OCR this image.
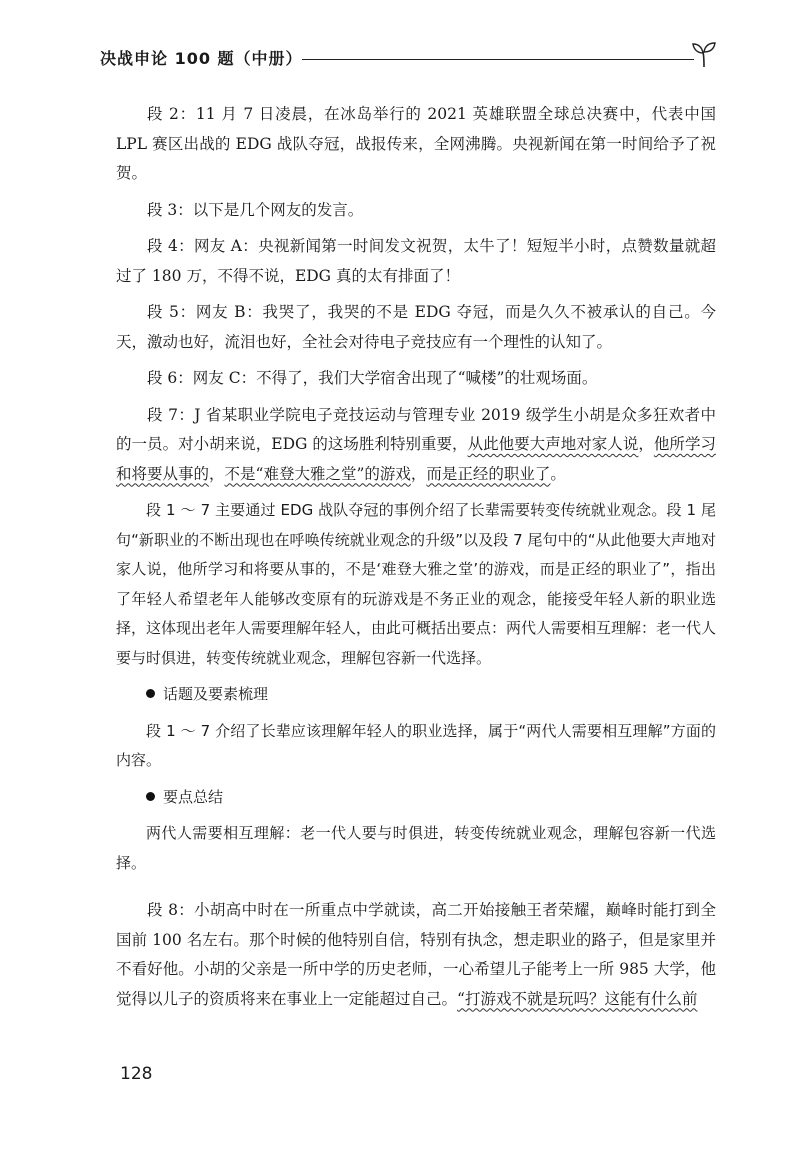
决战申论 100 题（中册）

段 2：11 月 7 日凌晨，在冰岛举行的 2021 英雄联盟全球总决赛中，代表中国 LPL 赛区出战的 EDG 战队夺冠，战报传来，全网沸腾。央视新闻在第一时间给予了祝贺。

段 3：以下是几个网友的发言。

段 4：网友 A：央视新闻第一时间发文祝贺，太牛了！短短半小时，点赞数量就超过了 180 万，不得不说，EDG 真的太有排面了！

段 5：网友 B：我哭了，我哭的不是 EDG 夺冠，而是久久不被承认的自己。今天，激动也好，流泪也好，全社会对待电子竞技应有一个理性的认知了。

段 6：网友 C：不得了，我们大学宿舍出现了“喊楼”的壮观场面。

段 7：J 省某职业学院电子竞技运动与管理专业 2019 级学生小胡是众多狂欢者中的一员。对小胡来说，EDG 的这场胜利特别重要，从此他要大声地对家人说，他所学习和将要从事的，不是“难登大雅之堂”的游戏，而是正经的职业了。

段 1 ～ 7 主要通过 EDG 战队夺冠的事例介绍了长辈需要转变传统就业观念。段 1 尾句“新职业的不断出现也在呼唤传统就业观念的升级”以及段 7 尾句中的“从此他要大声地对家人说，他所学习和将要从事的，不是‘难登大雅之堂’的游戏，而是正经的职业了”，指出了年轻人希望老年人能够改变原有的玩游戏是不务正业的观念，能接受年轻人新的职业选择，这体现出老年人需要理解年轻人，由此可概括出要点：两代人需要相互理解：老一代人要与时俱进，转变传统就业观念，理解包容新一代选择。

话题及要素梳理

段 1 ～ 7 介绍了长辈应该理解年轻人的职业选择，属于“两代人需要相互理解”方面的内容。

要点总结

两代人需要相互理解：老一代人要与时俱进，转变传统就业观念，理解包容新一代选择。

段 8：小胡高中时在一所重点中学就读，高二开始接触王者荣耀，巅峰时能打到全国前 100 名左右。那个时候的他特别自信，特别有执念，想走职业的路子，但是家里并不看好他。小胡的父亲是一所中学的历史老师，一心希望儿子能考上一所 985 大学，他觉得以儿子的资质将来在事业上一定能超过自己。“打游戏不就是玩吗？这能有什么前

128
